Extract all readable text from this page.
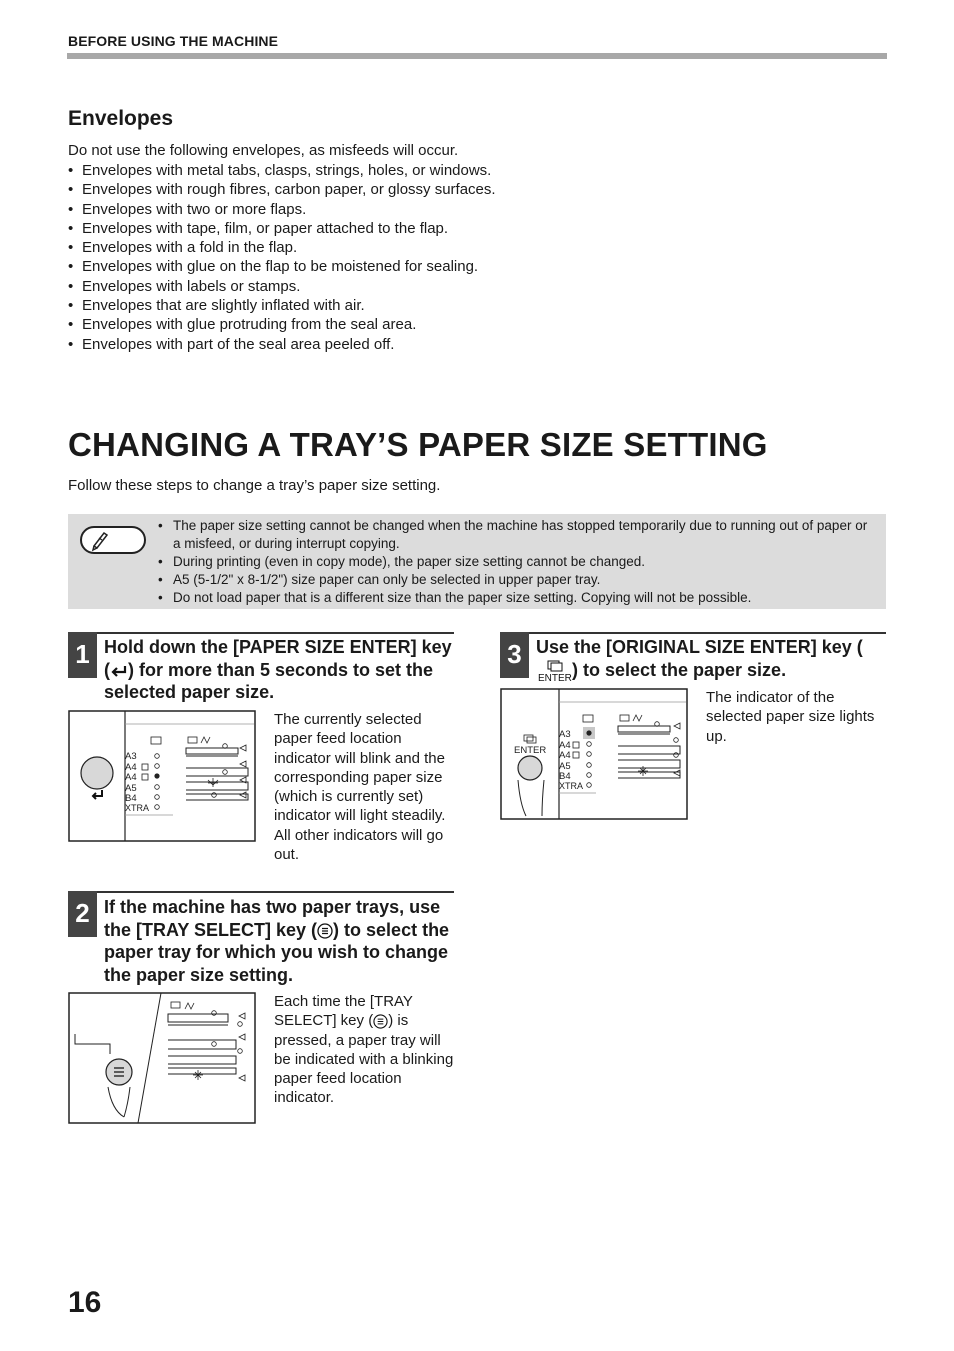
BEFORE USING THE MACHINE
Envelopes
Do not use the following envelopes, as misfeeds will occur.
• Envelopes with metal tabs, clasps, strings, holes, or windows.
• Envelopes with rough fibres, carbon paper, or glossy surfaces.
• Envelopes with two or more flaps.
• Envelopes with tape, film, or paper attached to the flap.
• Envelopes with a fold in the flap.
• Envelopes with glue on the flap to be moistened for sealing.
• Envelopes with labels or stamps.
• Envelopes that are slightly inflated with air.
• Envelopes with glue protruding from the seal area.
• Envelopes with part of the seal area peeled off.
CHANGING A TRAY’S PAPER SIZE SETTING
Follow these steps to change a tray’s paper size setting.
• The paper size setting cannot be changed when the machine has stopped temporarily due to running out of paper or a misfeed, or during interrupt copying.
• During printing (even in copy mode), the paper size setting cannot be changed.
• A5 (5-1/2" x 8-1/2") size paper can only be selected in upper paper tray.
• Do not load paper that is a different size than the paper size setting. Copying will not be possible.
1 Hold down the [PAPER SIZE ENTER] key ( ) for more than 5 seconds to set the selected paper size.
A3
A4
A4
A5
B4
XTRA
The currently selected paper feed location indicator will blink and the corresponding paper size (which is currently set) indicator will light steadily. All other indicators will go out.
2 If the machine has two paper trays, use the [TRAY SELECT] key ( ) to select the paper tray for which you wish to change the paper size setting.
Each time the [TRAY SELECT] key ( ) is pressed, a paper tray will be indicated with a blinking paper feed location indicator.
3 Use the [ORIGINAL SIZE ENTER] key (
ENTER ) to select the paper size.
ENTER
A3
A4
A4
A5
B4
XTRA
The indicator of the selected paper size lights up.
16
